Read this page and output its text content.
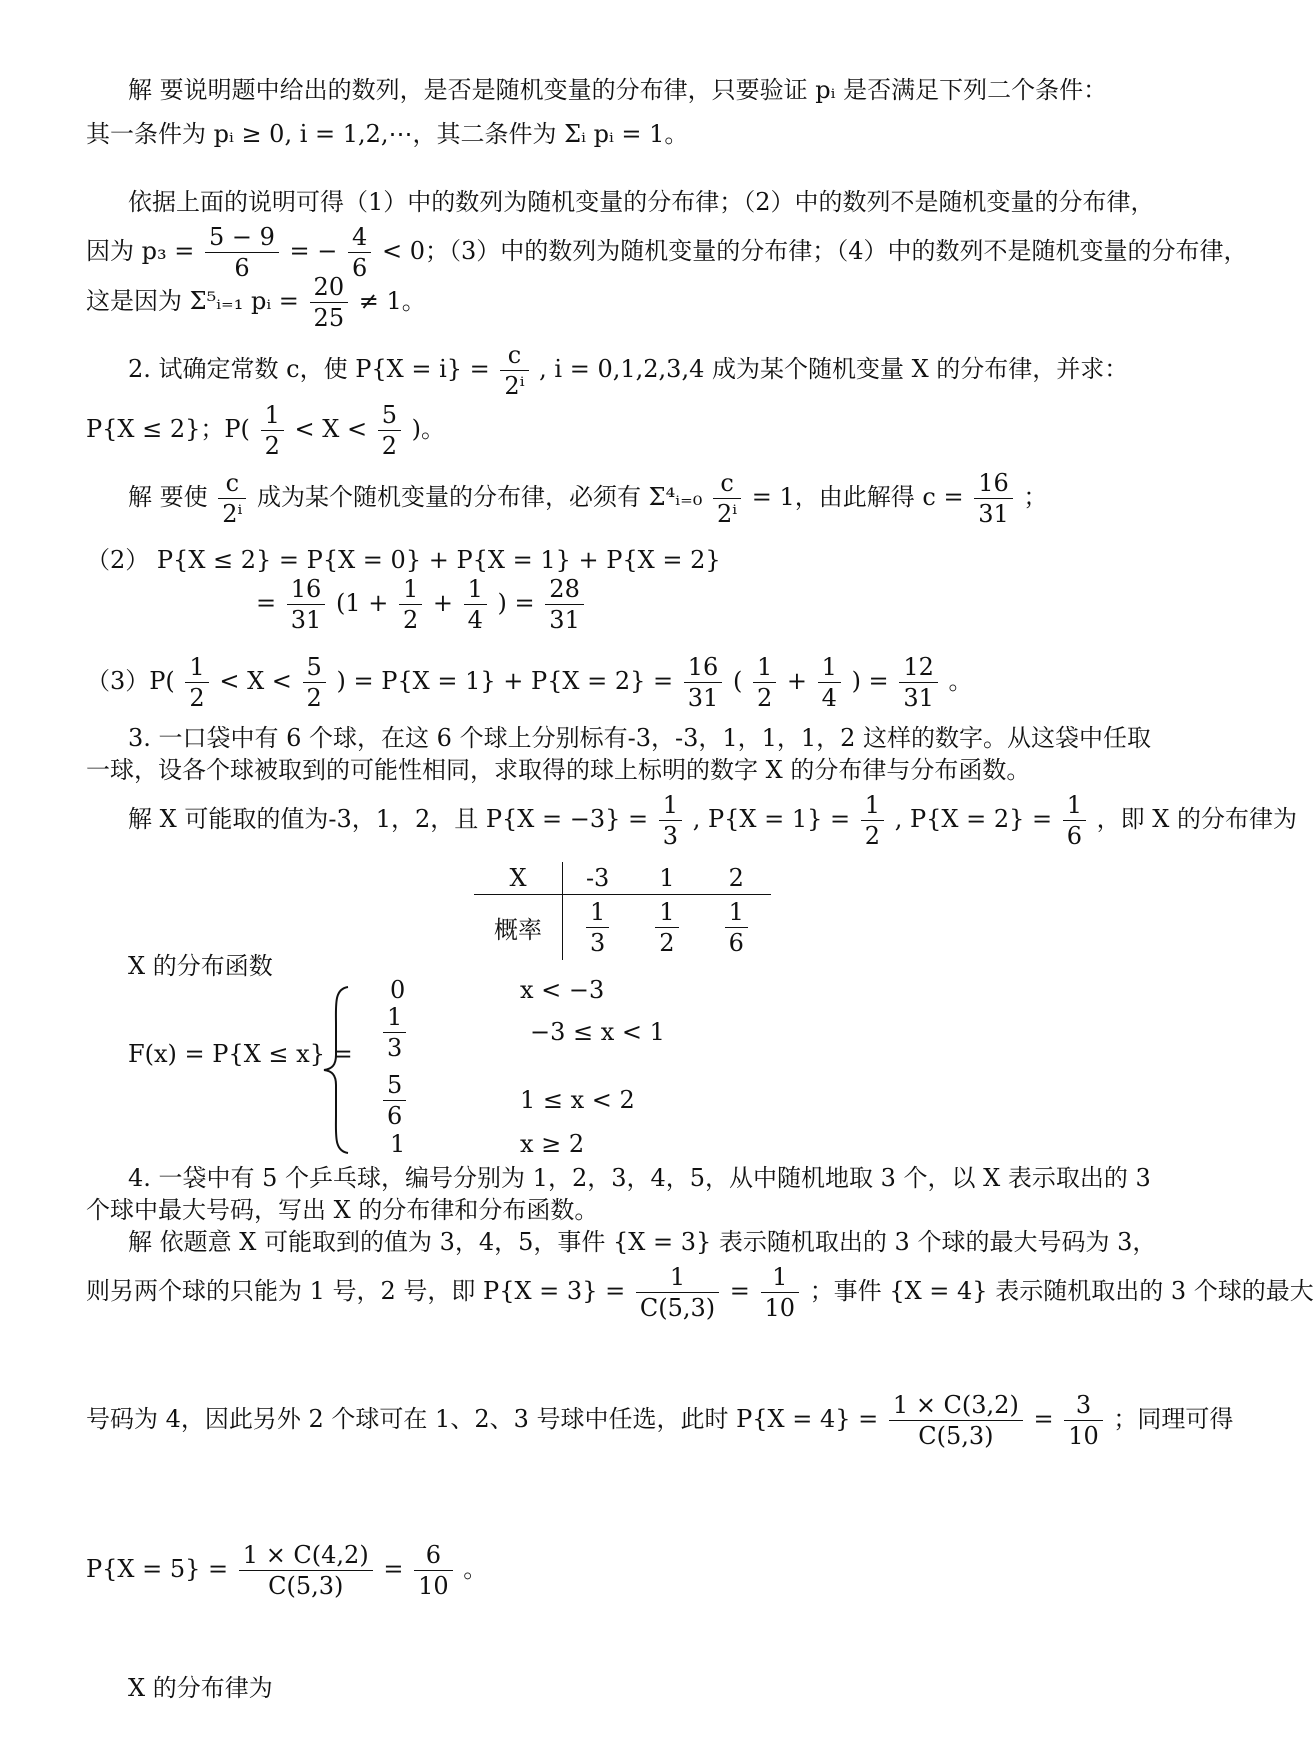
解 要说明题中给出的数列，是否是随机变量的分布律，只要验证 pᵢ 是否满足下列二个条件：
其一条件为 pᵢ ≥ 0, i = 1,2,⋯，其二条件为 Σᵢ pᵢ = 1。
依据上面的说明可得（1）中的数列为随机变量的分布律；（2）中的数列不是随机变量的分布律，
因为 $p_3 = \frac{5 - 9}{6}$ = − $\frac{4}{6} < 0$；（3）中的数列为随机变量的分布律；（4）中的数列不是随机变量的分布律，
这是因为 Σ⁵ᵢ₌₁ pᵢ = $\frac{20}{25} \ne 1$。
2. 试确定常数 c，使 $P\{X = i\} = \frac{c}{\text{2ⁱ}}$ , i = 0,1,2,3,4 成为某个随机变量 X 的分布律，并求：
P{X ≤ 2}；$P( \frac{1}{2} < X < \frac{5}{2}$ )。
解 要使 $\frac{c}{\text{2ⁱ}}$ 成为某个随机变量的分布律，必须有 Σ⁴ᵢ₌₀ $\frac{c}{\text{2ⁱ}} = 1$，由此解得 $c = \frac{16}{31}$ ；
（2） P{X ≤ 2} = P{X = 0} + P{X = 1} + P{X = 2}
= $\frac{16}{31} (1 + \frac{1}{2} + \frac{1}{4}$ ) = $\frac{28}{31}$
$(3)P( \frac{1}{2} < X < \frac{5}{2}$ ) = $P\{X = 1\} + P\{X = 2\} = \frac{16}{31}$ ( $\frac{1}{2} + \frac{1}{4}$ ) = $\frac{12}{31}$ 。
3. 一口袋中有 6 个球，在这 6 个球上分别标有-3，-3，1，1，1，2 这样的数字。从这袋中任取
一球，设各个球被取到的可能性相同，求取得的球上标明的数字 X 的分布律与分布函数。
解 X 可能取的值为-3，1，2，且 $P\{X = -3\} = \frac{1}{3}$ , $P\{X = 1\} = \frac{1}{2}$ , $P\{X = 2\} = \frac{1}{6}$ ，即 X 的分布律为
X	-3	1	2
概率	$\frac{1}{3}$	$\frac{1}{2}$	$\frac{1}{6}$
X 的分布函数
F(x) = P{X ≤ x} =
0	x < −3
$\frac{1}{3}$	−3 ≤ x < 1
$\frac{5}{6}$	1 ≤ x < 2
1	x ≥ 2
4. 一袋中有 5 个乒乓球，编号分别为 1，2，3，4，5，从中随机地取 3 个，以 X 表示取出的 3
个球中最大号码，写出 X 的分布律和分布函数。
解 依题意 X 可能取到的值为 3，4，5，事件 {X = 3} 表示随机取出的 3 个球的最大号码为 3，
则另两个球的只能为 1 号，2 号，即 $P\{X = 3\} = \frac{1}{C(5,3)} = \frac{1}{10}$ ；事件 {X = 4} 表示随机取出的 3 个球的最大
号码为 4，因此另外 2 个球可在 1、2、3 号球中任选，此时 $P\{X = 4\} = \frac{1 \times C(3,2)}{C(5,3)} = \frac{3}{10}$ ；同理可得
$P\{X = 5\} = \frac{1 \times C(4,2)}{C(5,3)} = \frac{6}{10}$ 。
X 的分布律为
